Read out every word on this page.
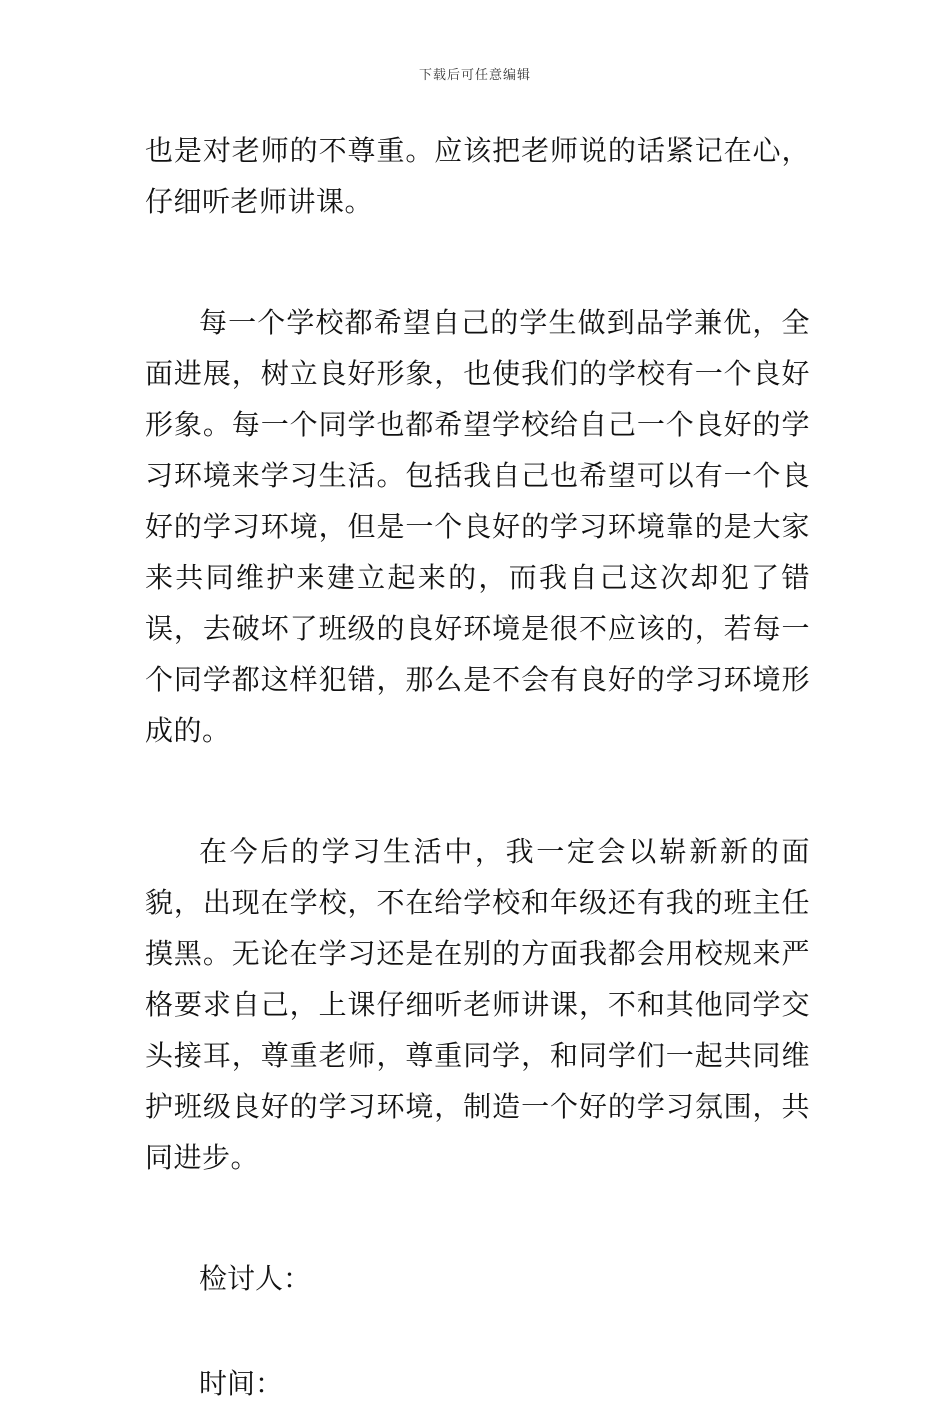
下载后可任意编辑

也是对老师的不尊重。应该把老师说的话紧记在心，仔细听老师讲课。

每一个学校都希望自己的学生做到品学兼优，全面进展，树立良好形象，也使我们的学校有一个良好形象。每一个同学也都希望学校给自己一个良好的学习环境来学习生活。包括我自己也希望可以有一个良好的学习环境，但是一个良好的学习环境靠的是大家来共同维护来建立起来的，而我自己这次却犯了错误，去破坏了班级的良好环境是很不应该的，若每一个同学都这样犯错，那么是不会有良好的学习环境形成的。

在今后的学习生活中，我一定会以崭新新的面貌，出现在学校，不在给学校和年级还有我的班主任摸黑。无论在学习还是在别的方面我都会用校规来严格要求自己，上课仔细听老师讲课，不和其他同学交头接耳，尊重老师，尊重同学，和同学们一起共同维护班级良好的学习环境，制造一个好的学习氛围，共同进步。

检讨人：

时间：
